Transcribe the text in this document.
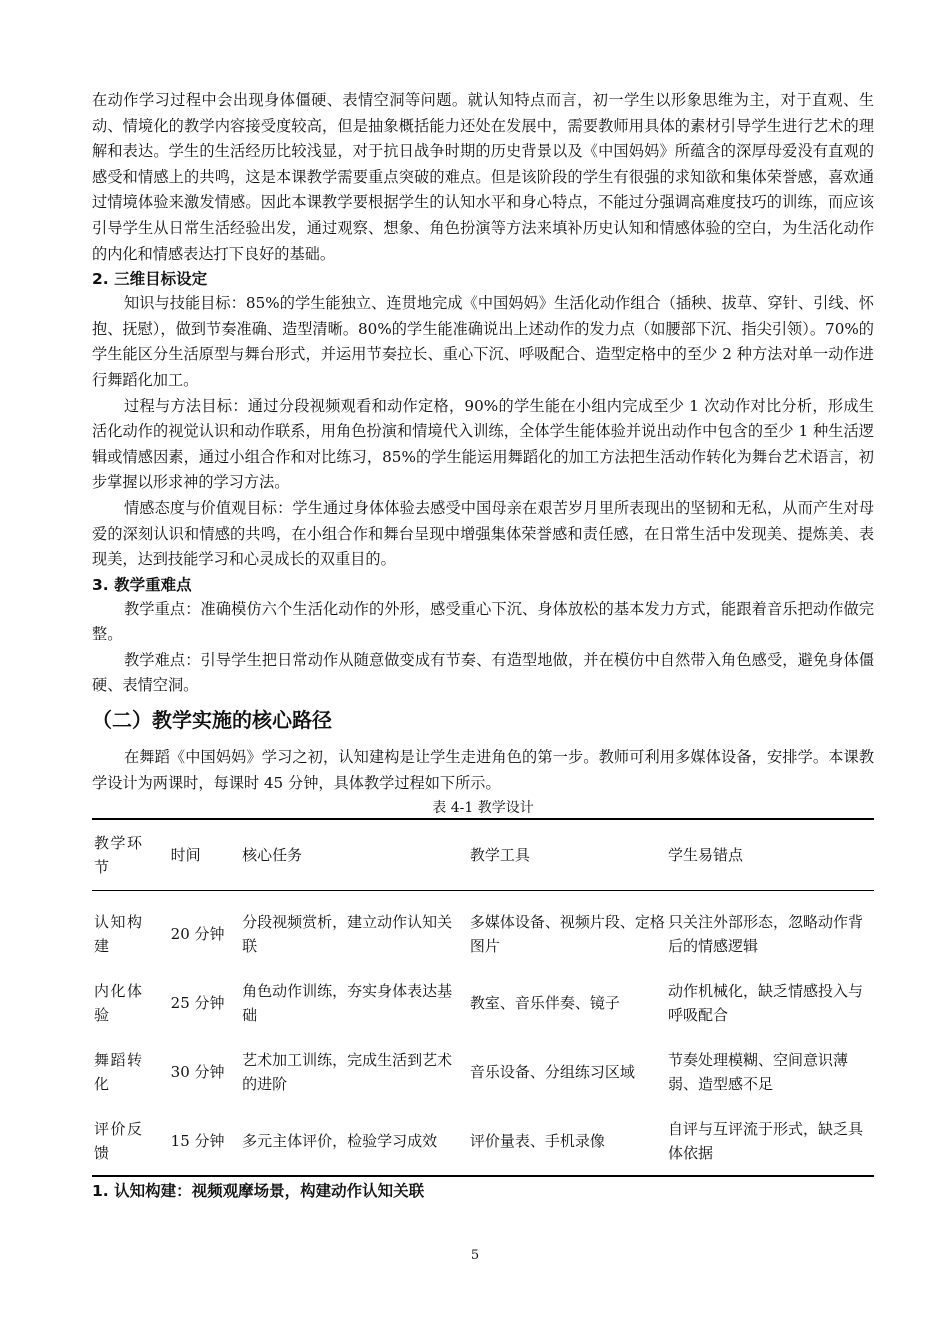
在动作学习过程中会出现身体僵硬、表情空洞等问题。就认知特点而言，初一学生以形象思维为主，对于直观、生动、情境化的教学内容接受度较高，但是抽象概括能力还处在发展中，需要教师用具体的素材引导学生进行艺术的理解和表达。学生的生活经历比较浅显，对于抗日战争时期的历史背景以及《中国妈妈》所蕴含的深厚母爱没有直观的感受和情感上的共鸣，这是本课教学需要重点突破的难点。但是该阶段的学生有很强的求知欲和集体荣誉感，喜欢通过情境体验来激发情感。因此本课教学要根据学生的认知水平和身心特点，不能过分强调高难度技巧的训练，而应该引导学生从日常生活经验出发，通过观察、想象、角色扮演等方法来填补历史认知和情感体验的空白，为生活化动作的内化和情感表达打下良好的基础。

2. 三维目标设定

知识与技能目标：85%的学生能独立、连贯地完成《中国妈妈》生活化动作组合（插秧、拔草、穿针、引线、怀抱、抚慰），做到节奏准确、造型清晰。80%的学生能准确说出上述动作的发力点（如腰部下沉、指尖引领）。70%的学生能区分生活原型与舞台形式，并运用节奏拉长、重心下沉、呼吸配合、造型定格中的至少 2 种方法对单一动作进行舞蹈化加工。

过程与方法目标：通过分段视频观看和动作定格，90%的学生能在小组内完成至少 1 次动作对比分析，形成生活化动作的视觉认识和动作联系，用角色扮演和情境代入训练，全体学生能体验并说出动作中包含的至少 1 种生活逻辑或情感因素，通过小组合作和对比练习，85%的学生能运用舞蹈化的加工方法把生活动作转化为舞台艺术语言，初步掌握以形求神的学习方法。

情感态度与价值观目标：学生通过身体体验去感受中国母亲在艰苦岁月里所表现出的坚韧和无私，从而产生对母爱的深刻认识和情感的共鸣，在小组合作和舞台呈现中增强集体荣誉感和责任感，在日常生活中发现美、提炼美、表现美，达到技能学习和心灵成长的双重目的。

3. 教学重难点

教学重点：准确模仿六个生活化动作的外形，感受重心下沉、身体放松的基本发力方式，能跟着音乐把动作做完整。

教学难点：引导学生把日常动作从随意做变成有节奏、有造型地做，并在模仿中自然带入角色感受，避免身体僵硬、表情空洞。

（二）教学实施的核心路径

在舞蹈《中国妈妈》学习之初，认知建构是让学生走进角色的第一步。教师可利用多媒体设备，安排学。本课教学设计为两课时，每课时 45 分钟，具体教学过程如下所示。

表 4-1 教学设计
教学环节	时间	核心任务	教学工具	学生易错点

认知构建	20 分钟	分段视频赏析，建立动作认知关联	多媒体设备、视频片段、定格图片	只关注外部形态，忽略动作背后的情感逻辑

内化体验	25 分钟	角色动作训练，夯实身体表达基础	教室、音乐伴奏、镜子	动作机械化，缺乏情感投入与呼吸配合

舞蹈转化	30 分钟	艺术加工训练，完成生活到艺术的进阶	音乐设备、分组练习区域	节奏处理模糊、空间意识薄弱、造型感不足

评价反馈	15 分钟	多元主体评价，检验学习成效	评价量表、手机录像	自评与互评流于形式，缺乏具体依据
1. 认知构建：视频观摩场景，构建动作认知关联
5
